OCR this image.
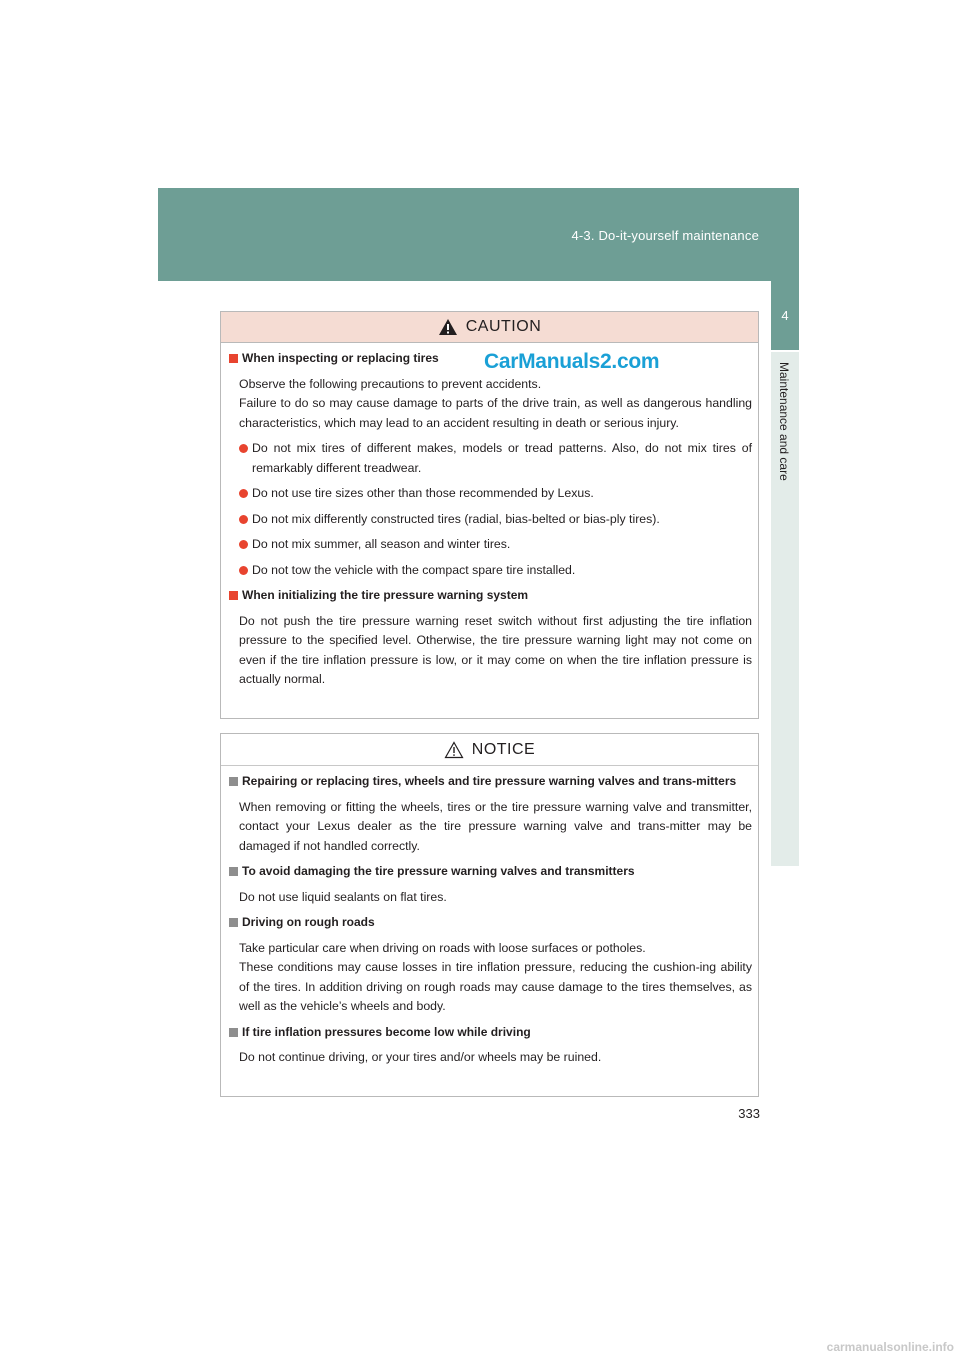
4-3. Do-it-yourself maintenance
4
Maintenance and care
CAUTION
When inspecting or replacing tires
Observe the following precautions to prevent accidents.
Failure to do so may cause damage to parts of the drive train, as well as dangerous handling characteristics, which may lead to an accident resulting in death or serious injury.
Do not mix tires of different makes, models or tread patterns. Also, do not mix tires of remarkably different treadwear.
Do not use tire sizes other than those recommended by Lexus.
Do not mix differently constructed tires (radial, bias-belted or bias-ply tires).
Do not mix summer, all season and winter tires.
Do not tow the vehicle with the compact spare tire installed.
When initializing the tire pressure warning system
Do not push the tire pressure warning reset switch without first adjusting the tire inflation pressure to the specified level. Otherwise, the tire pressure warning light may not come on even if the tire inflation pressure is low, or it may come on when the tire inflation pressure is actually normal.
CarManuals2.com
NOTICE
Repairing or replacing tires, wheels and tire pressure warning valves and trans-mitters
When removing or fitting the wheels, tires or the tire pressure warning valve and transmitter, contact your Lexus dealer as the tire pressure warning valve and trans-mitter may be damaged if not handled correctly.
To avoid damaging the tire pressure warning valves and transmitters
Do not use liquid sealants on flat tires.
Driving on rough roads
Take particular care when driving on roads with loose surfaces or potholes.
These conditions may cause losses in tire inflation pressure, reducing the cushion-ing ability of the tires. In addition driving on rough roads may cause damage to the tires themselves, as well as the vehicle’s wheels and body.
If tire inflation pressures become low while driving
Do not continue driving, or your tires and/or wheels may be ruined.
333
carmanualsonline.info
